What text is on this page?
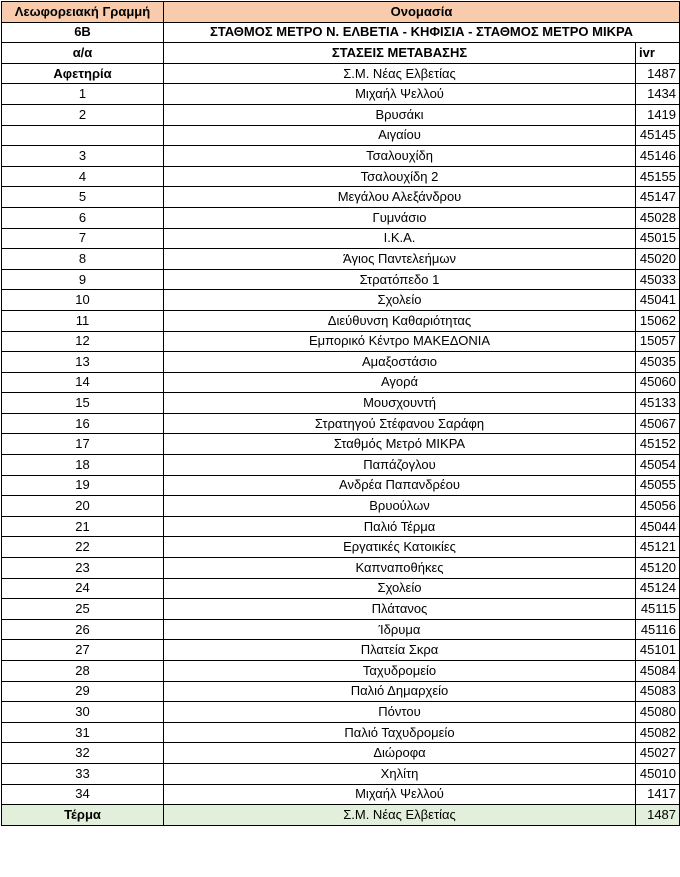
Λεωφορειακή Γραμμή	Ονομασία	
6Β	ΣΤΑΘΜΟΣ ΜΕΤΡΟ Ν. ΕΛΒΕΤΙΑ - ΚΗΦΙΣΙΑ - ΣΤΑΘΜΟΣ ΜΕΤΡΟ ΜΙΚΡΑ	
α/α	ΣΤΑΣΕΙΣ ΜΕΤΑΒΑΣΗΣ	ivr
Αφετηρία	Σ.Μ. Νέας Ελβετίας	1487
1	Μιχαήλ Ψελλού	1434
2	Βρυσάκι	1419
	Αιγαίου	45145
3	Τσαλουχίδη	45146
4	Τσαλουχίδη 2	45155
5	Μεγάλου Αλεξάνδρου	45147
6	Γυμνάσιο	45028
7	Ι.Κ.Α.	45015
8	Άγιος Παντελεήμων	45020
9	Στρατόπεδο 1	45033
10	Σχολείο	45041
11	Διεύθυνση Καθαριότητας	15062
12	Εμπορικό Κέντρο ΜΑΚΕΔΟΝΙΑ	15057
13	Αμαξοστάσιο	45035
14	Αγορά	45060
15	Μουσχουντή	45133
16	Στρατηγού Στέφανου Σαράφη	45067
17	Σταθμός Μετρό ΜΙΚΡΑ	45152
18	Παπάζογλου	45054
19	Ανδρέα Παπανδρέου	45055
20	Βρυούλων	45056
21	Παλιό Τέρμα	45044
22	Εργατικές Κατοικίες	45121
23	Καπναποθήκες	45120
24	Σχολείο	45124
25	Πλάτανος	45115
26	Ίδρυμα	45116
27	Πλατεία Σκρα	45101
28	Ταχυδρομείο	45084
29	Παλιό Δημαρχείο	45083
30	Πόντου	45080
31	Παλιό Ταχυδρομείο	45082
32	Διώροφα	45027
33	Χηλίτη	45010
34	Μιχαήλ Ψελλού	1417
Τέρμα	Σ.Μ. Νέας Ελβετίας	1487
